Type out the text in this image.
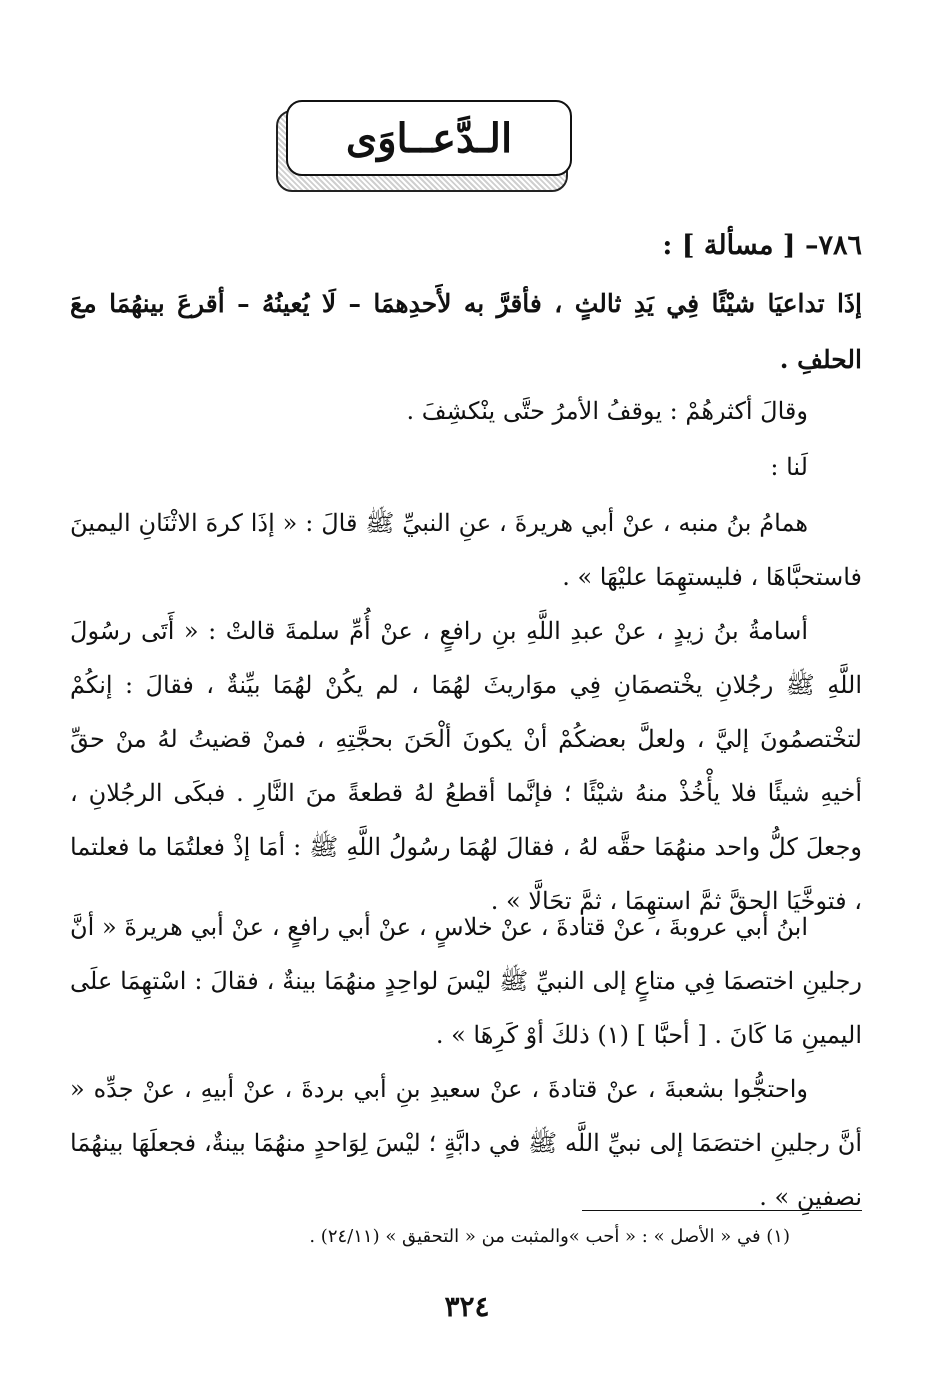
الـدَّعــاوَى
٧٨٦– [ مسألة ] :
إذَا تداعيَا شيْئًا فِي يَدِ ثالثٍ ، فأقرَّ به لأَحدِهمَا – لَا يُعينُهُ – أقرعَ بينهُمَا معَ الحلفِ .
وقالَ أكثرهُمْ : يوقفُ الأمرُ حتَّى ينْكشِفَ .
لَنا :
همامُ بنُ منبه ، عنْ أبي هريرةَ ، عنِ النبيِّ ﷺ قالَ : « إذَا كرهَ الاثْنَانِ اليمينَ فاستحبَّاهَا ، فليستهِمَا عليْهَا » .
أسامةُ بنُ زيدٍ ، عنْ عبدِ اللَّهِ بنِ رافعٍ ، عنْ أُمِّ سلمةَ قالتْ : « أَتَى رسُولَ اللَّهِ ﷺ رجُلانِ يخْتصمَانِ فِي موَاريثَ لهُمَا ، لم يكُنْ لهُمَا بيِّنةٌ ، فقالَ : إنكُمْ لتخْتصمُونَ إليَّ ، ولعلَّ بعضكُمْ أنْ يكونَ ألْحَنَ بحجَّتِهِ ، فمنْ قضيتُ لهُ منْ حقِّ أخيهِ شيئًا فلا يأْخُذْ منهُ شيْئًا ؛ فإنَّما أقطعُ لهُ قطعةً منَ النَّارِ . فبكَى الرجُلانِ ، وجعلَ كلُّ واحد منهُمَا حقَّه لهُ ، فقالَ لهُمَا رسُولُ اللَّهِ ﷺ : أمَا إذْ فعلتُمَا ما فعلتما ، فتوخَّيَا الحقَّ ثمَّ استهِمَا ، ثمَّ تحَالَّا » .
ابنُ أبي عروبةَ ، عنْ قتادةَ ، عنْ خلاسٍ ، عنْ أبي رافعٍ ، عنْ أبي هريرةَ « أنَّ رجلينِ اختصمَا فِي متاعٍ إلى النبيِّ ﷺ ليْسَ لواحِدٍ منهُمَا بينةٌ ، فقالَ : اسْتهِمَا علَى اليمينِ مَا كَانَ . [ أحبَّا ] (١) ذلكَ أوْ كَرِهَا » .
واحتجُّوا بشعبةَ ، عنْ قتادةَ ، عنْ سعيدِ بنِ أبي بردةَ ، عنْ أبيهِ ، عنْ جدِّه « أنَّ رجلينِ اختصَمَا إلى نبيِّ اللَّه ﷺ في دابَّةٍ ؛ ليْسَ لِوَاحدٍ منهُمَا بينةٌ، فجعلَهَا بينهُمَا نصفينِ » .
(١) في « الأصل » : « أحب »والمثبت من « التحقيق » (٢٤/١١) .
٣٢٤
